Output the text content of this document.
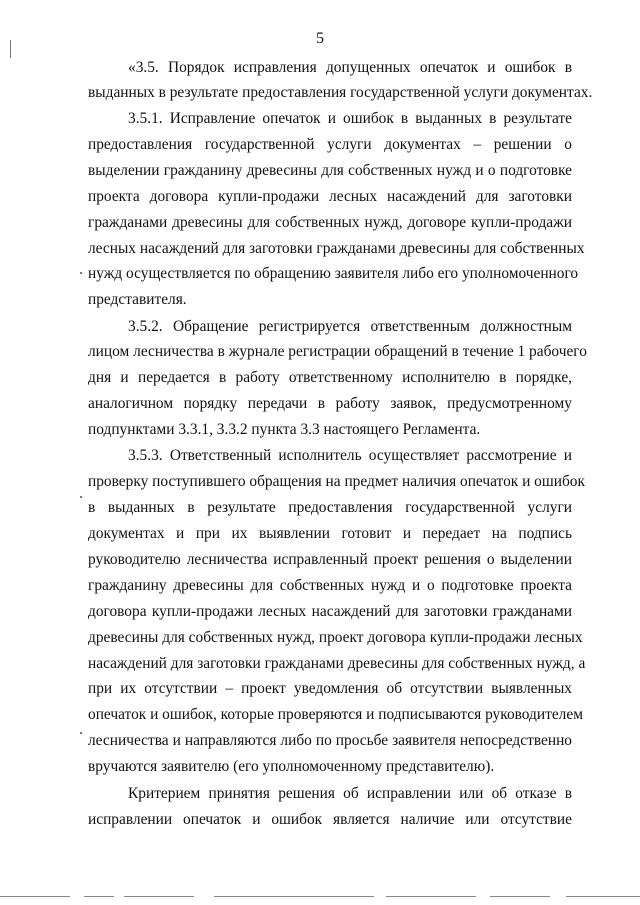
5
«3.5. Порядок исправления допущенных опечаток и ошибок в
выданных в результате предоставления государственной услуги документах.
3.5.1. Исправление опечаток и ошибок в выданных в результате
предоставления государственной услуги документах – решении о
выделении гражданину древесины для собственных нужд и о подготовке
проекта договора купли-продажи лесных насаждений для заготовки
гражданами древесины для собственных нужд, договоре купли-продажи
лесных насаждений для заготовки гражданами древесины для собственных
нужд осуществляется по обращению заявителя либо его уполномоченного
представителя.
3.5.2. Обращение регистрируется ответственным должностным
лицом лесничества в журнале регистрации обращений в течение 1 рабочего
дня и передается в работу ответственному исполнителю в порядке,
аналогичном порядку передачи в работу заявок, предусмотренному
подпунктами 3.3.1, 3.3.2 пункта 3.3 настоящего Регламента.
3.5.3. Ответственный исполнитель осуществляет рассмотрение и
проверку поступившего обращения на предмет наличия опечаток и ошибок
в выданных в результате предоставления государственной услуги
документах и при их выявлении готовит и передает на подпись
руководителю лесничества исправленный проект решения о выделении
гражданину древесины для собственных нужд и о подготовке проекта
договора купли-продажи лесных насаждений для заготовки гражданами
древесины для собственных нужд, проект договора купли-продажи лесных
насаждений для заготовки гражданами древесины для собственных нужд, а
при их отсутствии – проект уведомления об отсутствии выявленных
опечаток и ошибок, которые проверяются и подписываются руководителем
лесничества и направляются либо по просьбе заявителя непосредственно
вручаются заявителю (его уполномоченному представителю).
Критерием принятия решения об исправлении или об отказе в
исправлении опечаток и ошибок является наличие или отсутствие
